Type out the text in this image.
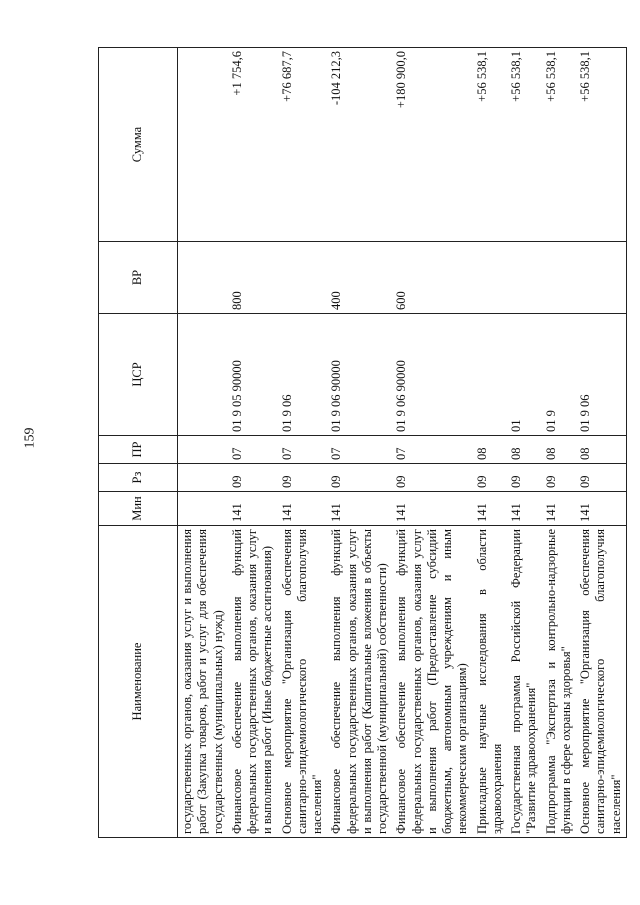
159
Наименование	Мин	Рз	ПР	ЦСР	ВР	Сумма
государственных органов, оказания услуг и выполнения работ (Закупка товаров, работ и услуг для обеспечения государственных (муниципальных) нужд)						
Финансовое обеспечение выполнения функций федеральных государственных органов, оказания услуг и выполнения работ (Иные бюджетные ассигнования)	141	09	07	01 9 05 90000	800	+1 754,6
Основное мероприятие "Организация обеспечения санитарно-эпидемиологического благополучия населения"	141	09	07	01 9 06		+76 687,7
Финансовое обеспечение выполнения функций федеральных государственных органов, оказания услуг и выполнения работ (Капитальные вложения в объекты государственной (муниципальной) собственности)	141	09	07	01 9 06 90000	400	-104 212,3
Финансовое обеспечение выполнения функций федеральных государственных органов, оказания услуг и выполнения работ (Предоставление субсидий бюджетным, автономным учреждениям и иным некоммерческим организациям)	141	09	07	01 9 06 90000	600	+180 900,0
Прикладные научные исследования в области здравоохранения	141	09	08			+56 538,1
Государственная программа Российской Федерации "Развитие здравоохранения"	141	09	08	01		+56 538,1
Подпрограмма "Экспертиза и контрольно-надзорные функции в сфере охраны здоровья"	141	09	08	01 9		+56 538,1
Основное мероприятие "Организация обеспечения санитарно-эпидемиологического благополучия населения"	141	09	08	01 9 06		+56 538,1
